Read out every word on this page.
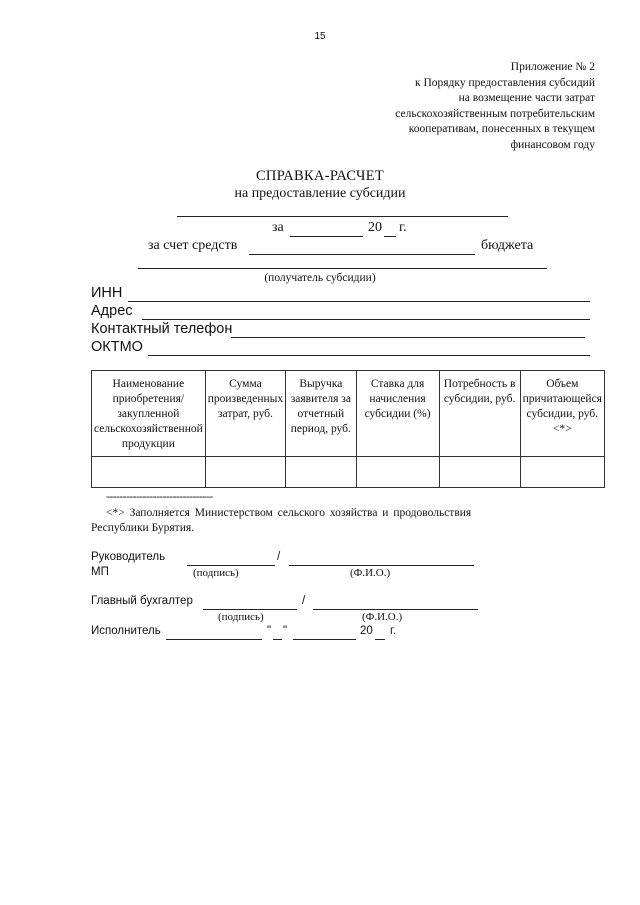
15
Приложение № 2
к Порядку предоставления субсидий
на возмещение части затрат
сельскохозяйственным потребительским
кооперативам, понесенных в текущем
финансовом году
СПРАВКА-РАСЧЕТ
на предоставление субсидии
за	20 г.
за счет средств	бюджета
(получатель субсидии)
ИНН
Адрес
Контактный телефон
ОКТМО
Наименование приобретения/закупленной сельскохозяйственной продукции	Сумма произведенных затрат, руб.	Выручка заявителя за отчетный период, руб.	Ставка для начисления субсидии (%)	Потребность в субсидии, руб.	Объем причитающейся субсидии, руб. <*>

--------------------------------
<*> Заполняется Министерством сельского хозяйства и продовольствия
Республики Бурятия.
Руководитель	/
МП	(подпись)	(Ф.И.О.)
Главный бухгалтер	/
(подпись)	(Ф.И.О.)
Исполнитель	" "	20 г.
